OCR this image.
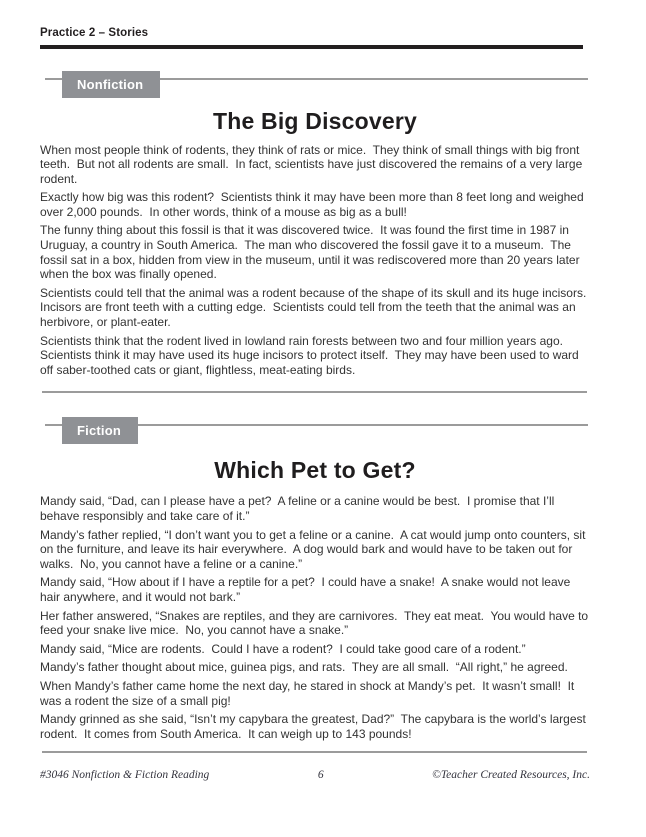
Practice 2 – Stories
Nonfiction
The Big Discovery

When most people think of rodents, they think of rats or mice.  They think of small things with big front teeth.  But not all rodents are small.  In fact, scientists have just discovered the remains of a very large rodent.

Exactly how big was this rodent?  Scientists think it may have been more than 8 feet long and weighed over 2,000 pounds.  In other words, think of a mouse as big as a bull!

The funny thing about this fossil is that it was discovered twice.  It was found the first time in 1987 in Uruguay, a country in South America.  The man who discovered the fossil gave it to a museum.  The fossil sat in a box, hidden from view in the museum, until it was rediscovered more than 20 years later when the box was finally opened.

Scientists could tell that the animal was a rodent because of the shape of its skull and its huge incisors.  Incisors are front teeth with a cutting edge.  Scientists could tell from the teeth that the animal was an herbivore, or plant-eater.

Scientists think that the rodent lived in lowland rain forests between two and four million years ago.  Scientists think it may have used its huge incisors to protect itself.  They may have been used to ward off saber-toothed cats or giant, flightless, meat-eating birds.

Fiction
Which Pet to Get?

Mandy said, “Dad, can I please have a pet?  A feline or a canine would be best.  I promise that I’ll behave responsibly and take care of it.”

Mandy’s father replied, “I don’t want you to get a feline or a canine.  A cat would jump onto counters, sit on the furniture, and leave its hair everywhere.  A dog would bark and would have to be taken out for walks.  No, you cannot have a feline or a canine.”

Mandy said, “How about if I have a reptile for a pet?  I could have a snake!  A snake would not leave hair anywhere, and it would not bark.”

Her father answered, “Snakes are reptiles, and they are carnivores.  They eat meat.  You would have to feed your snake live mice.  No, you cannot have a snake.”

Mandy said, “Mice are rodents.  Could I have a rodent?  I could take good care of a rodent.”

Mandy’s father thought about mice, guinea pigs, and rats.  They are all small.  “All right,” he agreed.

When Mandy’s father came home the next day, he stared in shock at Mandy’s pet.  It wasn’t small!  It was a rodent the size of a small pig!

Mandy grinned as she said, “Isn’t my capybara the greatest, Dad?”  The capybara is the world’s largest rodent.  It comes from South America.  It can weigh up to 143 pounds!

#3046 Nonfiction & Fiction Reading	6	©Teacher Created Resources, Inc.
